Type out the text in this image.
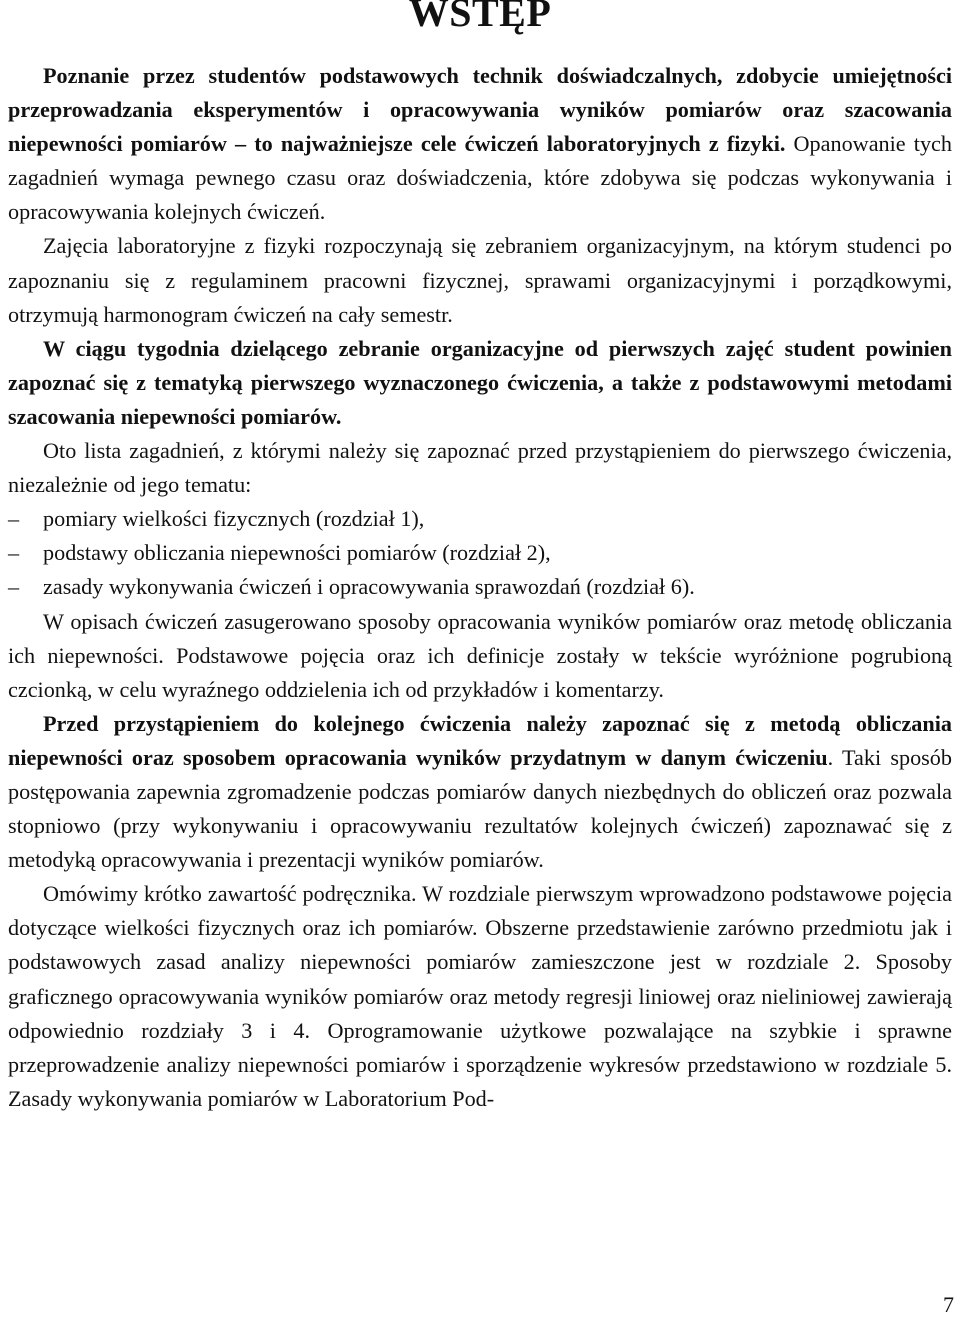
WSTĘP

Poznanie przez studentów podstawowych technik doświadczalnych, zdobycie umiejętności przeprowadzania eksperymentów i opracowywania wyników pomiarów oraz szacowania niepewności pomiarów – to najważniejsze cele ćwiczeń laboratoryjnych z fizyki. Opanowanie tych zagadnień wymaga pewnego czasu oraz doświadczenia, które zdobywa się podczas wykonywania i opracowywania kolejnych ćwiczeń.

Zajęcia laboratoryjne z fizyki rozpoczynają się zebraniem organizacyjnym, na którym studenci po zapoznaniu się z regulaminem pracowni fizycznej, sprawami organizacyjnymi i porządkowymi, otrzymują harmonogram ćwiczeń na cały semestr.

W ciągu tygodnia dzielącego zebranie organizacyjne od pierwszych zajęć student powinien zapoznać się z tematyką pierwszego wyznaczonego ćwiczenia, a także z podstawowymi metodami szacowania niepewności pomiarów.

Oto lista zagadnień, z którymi należy się zapoznać przed przystąpieniem do pierwszego ćwiczenia, niezależnie od jego tematu:

– pomiary wielkości fizycznych (rozdział 1),
– podstawy obliczania niepewności pomiarów (rozdział 2),
– zasady wykonywania ćwiczeń i opracowywania sprawozdań (rozdział 6).

W opisach ćwiczeń zasugerowano sposoby opracowania wyników pomiarów oraz metodę obliczania ich niepewności. Podstawowe pojęcia oraz ich definicje zostały w tekście wyróżnione pogrubioną czcionką, w celu wyraźnego oddzielenia ich od przykładów i komentarzy.

Przed przystąpieniem do kolejnego ćwiczenia należy zapoznać się z metodą obliczania niepewności oraz sposobem opracowania wyników przydatnym w danym ćwiczeniu. Taki sposób postępowania zapewnia zgromadzenie podczas pomiarów danych niezbędnych do obliczeń oraz pozwala stopniowo (przy wykonywaniu i opracowywaniu rezultatów kolejnych ćwiczeń) zapoznawać się z metodyką opracowywania i prezentacji wyników pomiarów.

Omówimy krótko zawartość podręcznika. W rozdziale pierwszym wprowadzono podstawowe pojęcia dotyczące wielkości fizycznych oraz ich pomiarów. Obszerne przedstawienie zarówno przedmiotu jak i podstawowych zasad analizy niepewności pomiarów zamieszczone jest w rozdziale 2. Sposoby graficznego opracowywania wyników pomiarów oraz metody regresji liniowej oraz nieliniowej zawierają odpowiednio rozdziały 3 i 4. Oprogramowanie użytkowe pozwalające na szybkie i sprawne przeprowadzenie analizy niepewności pomiarów i sporządzenie wykresów przedstawiono w rozdziale 5. Zasady wykonywania pomiarów w Laboratorium Pod-

7
